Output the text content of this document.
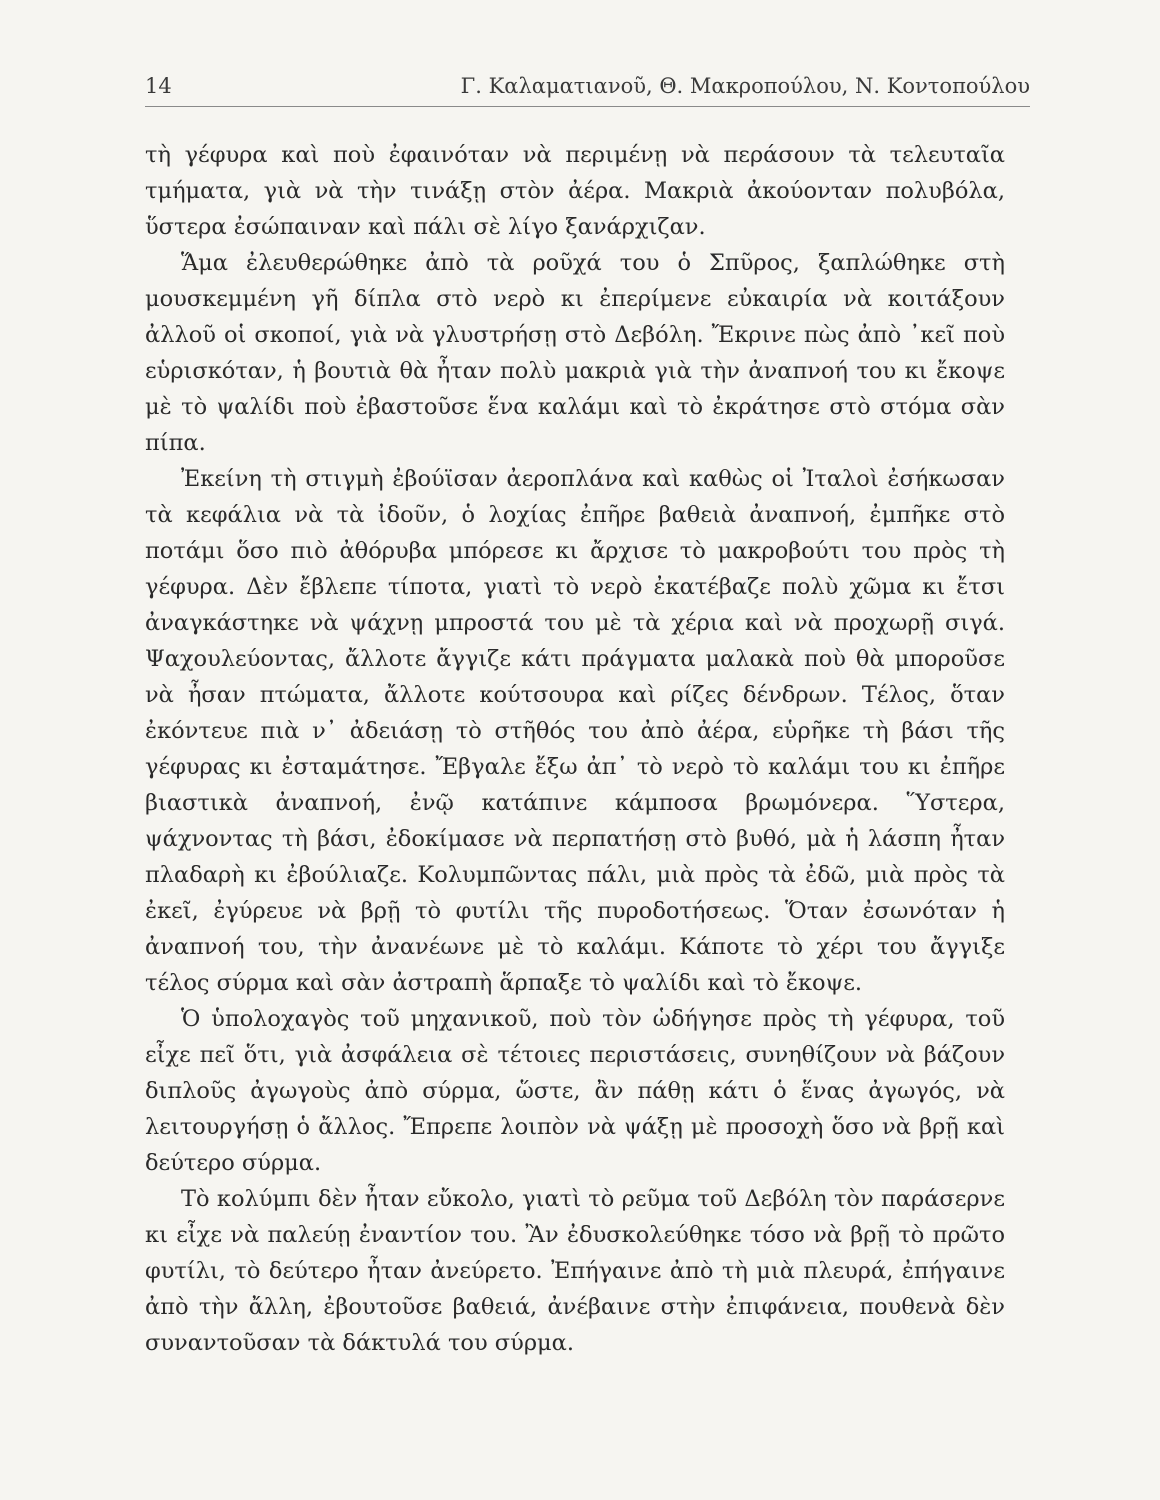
14	Γ. Καλαματιανοῦ, Θ. Μακροπούλου, Ν. Κοντοπούλου

τὴ γέφυρα καὶ ποὺ ἐφαινόταν νὰ περιμένῃ νὰ περάσουν τὰ τελευταῖα τμήματα, γιὰ νὰ τὴν τινάξῃ στὸν ἀέρα. Μακριὰ ἀκούονταν πολυβόλα, ὕστερα ἐσώπαιναν καὶ πάλι σὲ λίγο ξανάρχιζαν.

Ἅμα ἐλευθερώθηκε ἀπὸ τὰ ροῦχά του ὁ Σπῦρος, ξαπλώθηκε στὴ μουσκεμμένη γῆ δίπλα στὸ νερὸ κι ἐπερίμενε εὐκαιρία νὰ κοιτάξουν ἀλλοῦ οἱ σκοποί, γιὰ νὰ γλυστρήσῃ στὸ Δεβόλη. Ἔκρινε πὼς ἀπὸ ᾿κεῖ ποὺ εὑρισκόταν, ἡ βουτιὰ θὰ ἦταν πολὺ μακριὰ γιὰ τὴν ἀναπνοή του κι ἔκοψε μὲ τὸ ψαλίδι ποὺ ἐβαστοῦσε ἕνα καλάμι καὶ τὸ ἐκράτησε στὸ στόμα σὰν πίπα.

Ἐκείνη τὴ στιγμὴ ἐβούϊσαν ἀεροπλάνα καὶ καθὼς οἱ Ἰταλοὶ ἐσήκωσαν τὰ κεφάλια νὰ τὰ ἰδοῦν, ὁ λοχίας ἐπῆρε βαθειὰ ἀναπνοή, ἐμπῆκε στὸ ποτάμι ὅσο πιὸ ἀθόρυβα μπόρεσε κι ἄρχισε τὸ μακροβούτι του πρὸς τὴ γέφυρα. Δὲν ἔβλεπε τίποτα, γιατὶ τὸ νερὸ ἐκατέβαζε πολὺ χῶμα κι ἔτσι ἀναγκάστηκε νὰ ψάχνῃ μπροστά του μὲ τὰ χέρια καὶ νὰ προχωρῇ σιγά. Ψαχουλεύοντας, ἄλλοτε ἄγγιζε κάτι πράγματα μαλακὰ ποὺ θὰ μποροῦσε νὰ ἦσαν πτώματα, ἄλλοτε κούτσουρα καὶ ρίζες δένδρων. Τέλος, ὅταν ἐκόντευε πιὰ ν᾿ ἀδειάσῃ τὸ στῆθός του ἀπὸ ἀέρα, εὑρῆκε τὴ βάσι τῆς γέφυρας κι ἐσταμάτησε. Ἔβγαλε ἔξω ἀπ᾿ τὸ νερὸ τὸ καλάμι του κι ἐπῆρε βιαστικὰ ἀναπνοή, ἐνῷ κατάπινε κάμποσα βρωμόνερα. Ὕστερα, ψάχνοντας τὴ βάσι, ἐδοκίμασε νὰ περπατήσῃ στὸ βυθό, μὰ ἡ λάσπη ἦταν πλαδαρὴ κι ἐβούλιαζε. Κολυμπῶντας πάλι, μιὰ πρὸς τὰ ἐδῶ, μιὰ πρὸς τὰ ἐκεῖ, ἐγύρευε νὰ βρῇ τὸ φυτίλι τῆς πυροδοτήσεως. Ὅταν ἐσωνόταν ἡ ἀναπνοή του, τὴν ἀνανέωνε μὲ τὸ καλάμι. Κάποτε τὸ χέρι του ἄγγιξε τέλος σύρμα καὶ σὰν ἀστραπὴ ἅρπαξε τὸ ψαλίδι καὶ τὸ ἔκοψε.

Ὁ ὑπολοχαγὸς τοῦ μηχανικοῦ, ποὺ τὸν ὡδήγησε πρὸς τὴ γέφυρα, τοῦ εἶχε πεῖ ὅτι, γιὰ ἀσφάλεια σὲ τέτοιες περιστάσεις, συνηθίζουν νὰ βάζουν διπλοῦς ἀγωγοὺς ἀπὸ σύρμα, ὥστε, ἂν πάθῃ κάτι ὁ ἕνας ἀγωγός, νὰ λειτουργήσῃ ὁ ἄλλος. Ἔπρεπε λοιπὸν νὰ ψάξῃ μὲ προσοχὴ ὅσο νὰ βρῇ καὶ δεύτερο σύρμα.

Τὸ κολύμπι δὲν ἦταν εὔκολο, γιατὶ τὸ ρεῦμα τοῦ Δεβόλη τὸν παράσερνε κι εἶχε νὰ παλεύῃ ἐναντίον του. Ἂν ἐδυσκολεύθηκε τόσο νὰ βρῇ τὸ πρῶτο φυτίλι, τὸ δεύτερο ἦταν ἀνεύρετο. Ἐπήγαινε ἀπὸ τὴ μιὰ πλευρά, ἐπήγαινε ἀπὸ τὴν ἄλλη, ἐβουτοῦσε βαθειά, ἀνέβαινε στὴν ἐπιφάνεια, πουθενὰ δὲν συναντοῦσαν τὰ δάκτυλά του σύρμα.
